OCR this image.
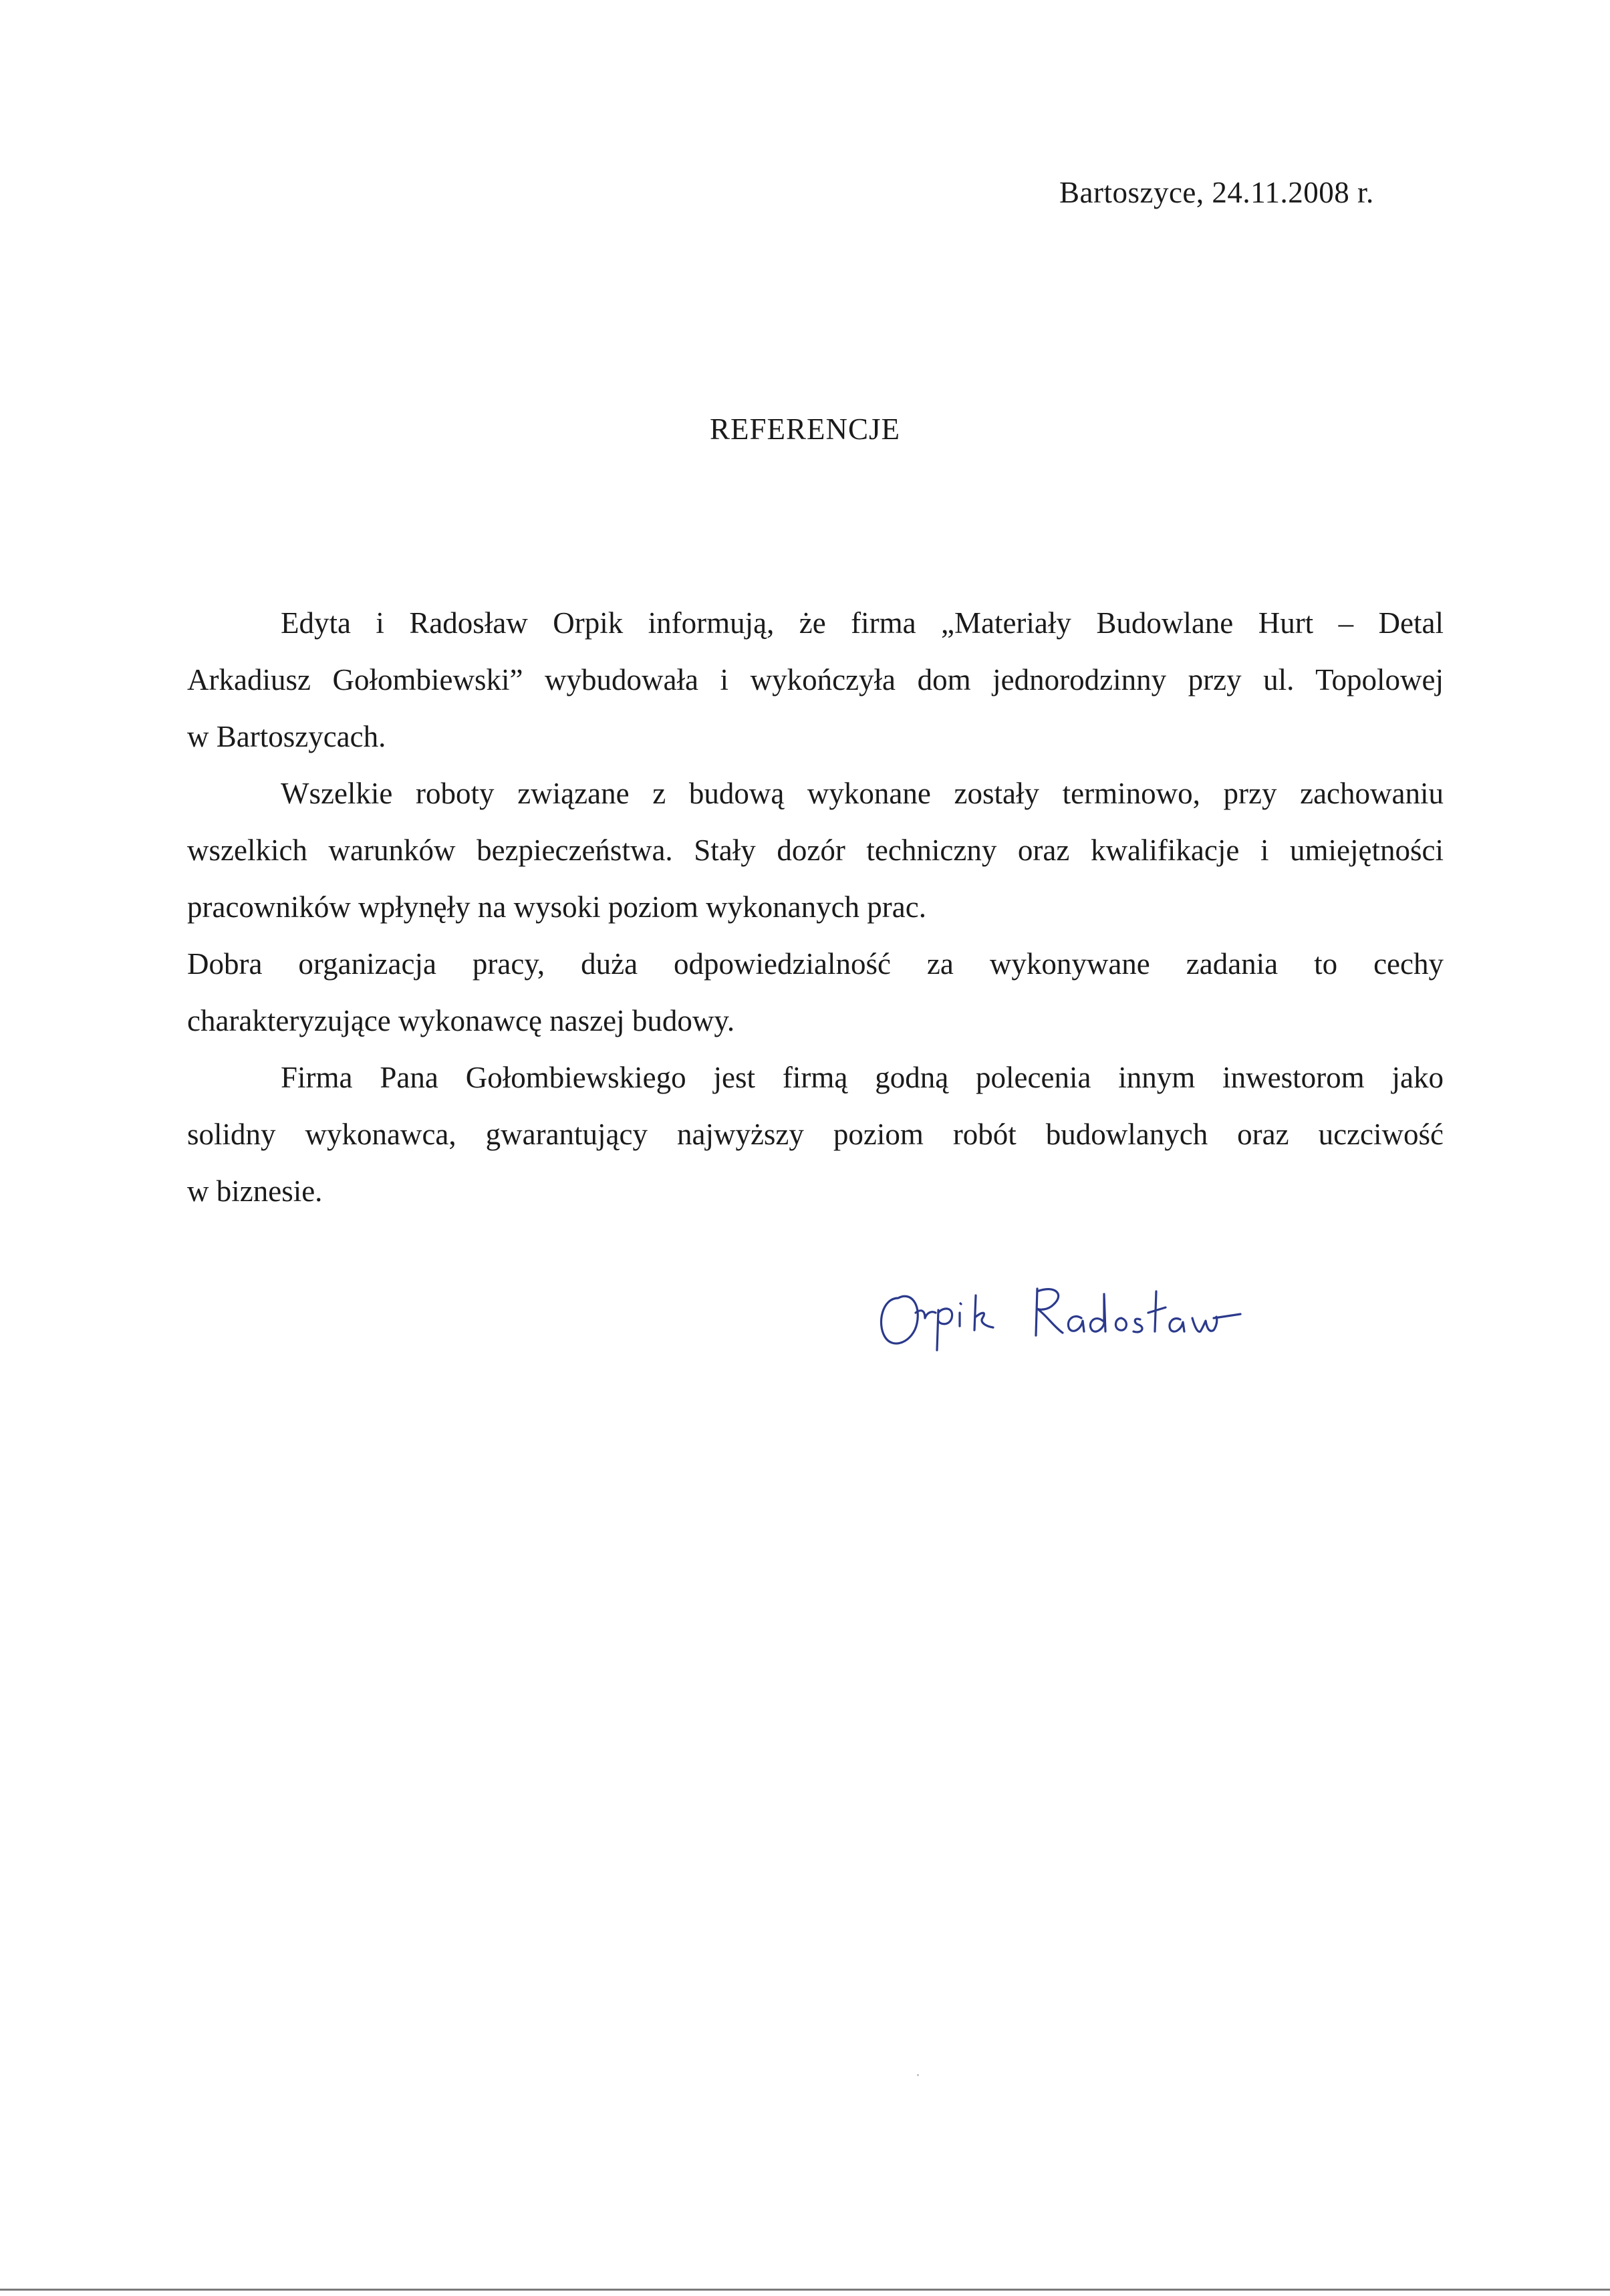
Bartoszyce, 24.11.2008 r.
REFERENCJE
Edyta i Radosław Orpik informują, że firma „Materiały Budowlane Hurt – Detal
Arkadiusz Gołombiewski” wybudowała i wykończyła dom jednorodzinny przy ul. Topolowej
w Bartoszycach.
Wszelkie roboty związane z budową wykonane zostały terminowo, przy zachowaniu
wszelkich warunków bezpieczeństwa. Stały dozór techniczny oraz kwalifikacje i umiejętności
pracowników wpłynęły na wysoki poziom wykonanych prac.
Dobra organizacja pracy, duża odpowiedzialność za wykonywane zadania to cechy
charakteryzujące wykonawcę naszej budowy.
Firma Pana Gołombiewskiego jest firmą godną polecenia innym inwestorom jako
solidny wykonawca, gwarantujący najwyższy poziom robót budowlanych oraz uczciwość
w biznesie.
